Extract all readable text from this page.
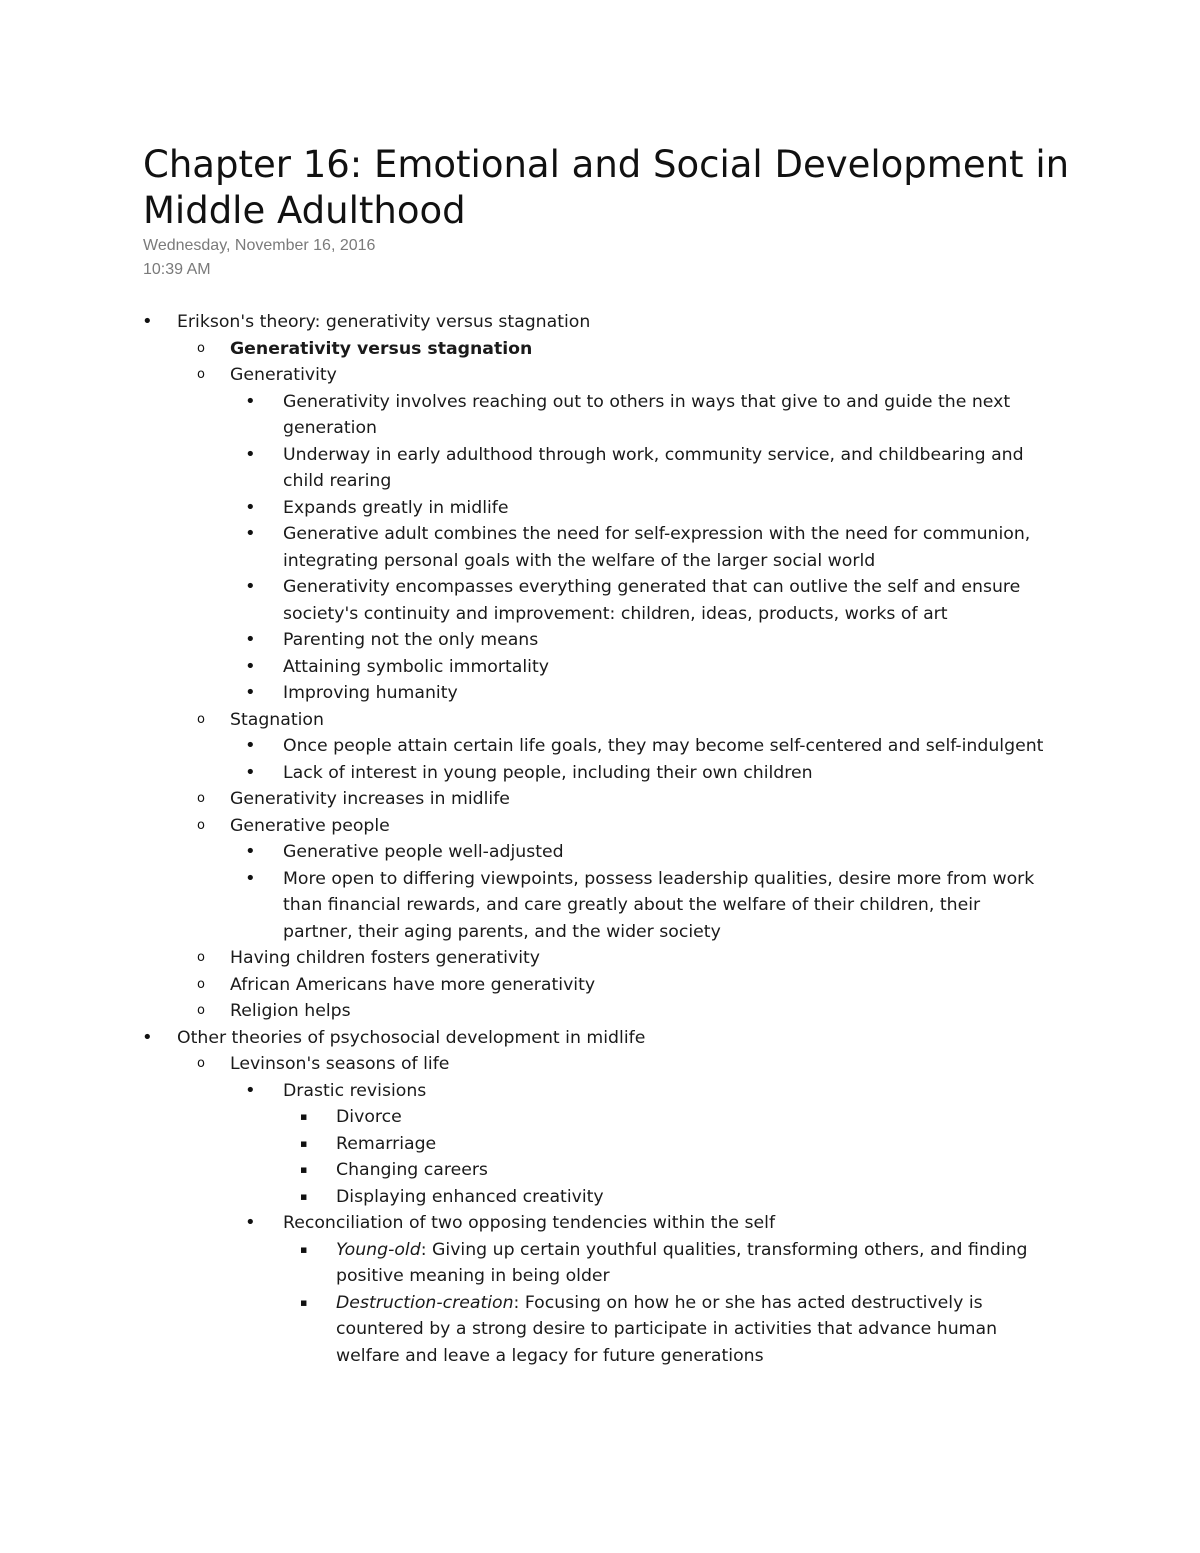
Chapter 16: Emotional and Social Development in Middle Adulthood

Wednesday, November 16, 2016

10:39 AM

•	Erikson's theory: generativity versus stagnation
o	Generativity versus stagnation
o	Generativity
•	Generativity involves reaching out to others in ways that give to and guide the next generation
•	Underway in early adulthood through work, community service, and childbearing and child rearing
•	Expands greatly in midlife
•	Generative adult combines the need for self-expression with the need for communion, integrating personal goals with the welfare of the larger social world
•	Generativity encompasses everything generated that can outlive the self and ensure society's continuity and improvement: children, ideas, products, works of art
•	Parenting not the only means
•	Attaining symbolic immortality
•	Improving humanity
o	Stagnation
•	Once people attain certain life goals, they may become self-centered and self-indulgent
•	Lack of interest in young people, including their own children
o	Generativity increases in midlife
o	Generative people
•	Generative people well-adjusted
•	More open to differing viewpoints, possess leadership qualities, desire more from work than financial rewards, and care greatly about the welfare of their children, their partner, their aging parents, and the wider society
o	Having children fosters generativity
o	African Americans have more generativity
o	Religion helps
•	Other theories of psychosocial development in midlife
o	Levinson's seasons of life
•	Drastic revisions
▪	Divorce
▪	Remarriage
▪	Changing careers
▪	Displaying enhanced creativity
•	Reconciliation of two opposing tendencies within the self
▪	Young-old: Giving up certain youthful qualities, transforming others, and finding positive meaning in being older
▪	Destruction-creation: Focusing on how he or she has acted destructively is countered by a strong desire to participate in activities that advance human welfare and leave a legacy for future generations
